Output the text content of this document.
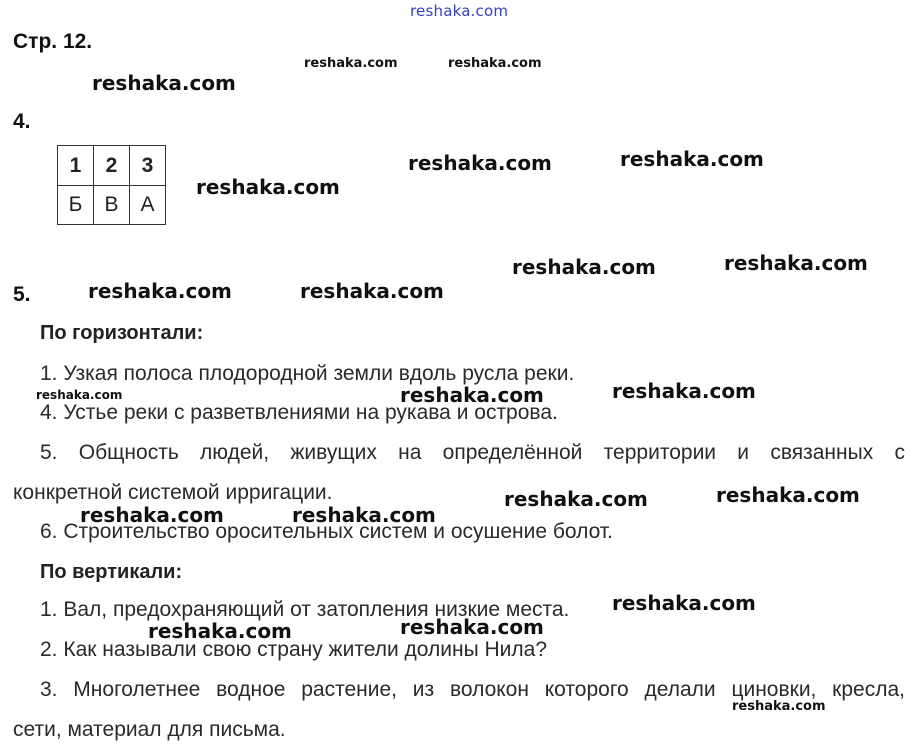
reshaka.com
Стр. 12.
4.
1	2	3
Б	В	А
5.
По горизонтали:
1. Узкая полоса плодородной земли вдоль русла реки.
4. Устье реки с разветвлениями на рукава и острова.
5. Общность людей, живущих на определённой территории и связанных с
конкретной системой ирригации.
6. Строительство оросительных систем и осушение болот.
По вертикали:
1. Вал, предохраняющий от затопления низкие места.
2. Как называли свою страну жители долины Нила?
3. Многолетнее водное растение, из волокон которого делали циновки, кресла,
сети, материал для письма.
reshaka.com	reshaka.com
reshaka.com
reshaka.com	reshaka.com
reshaka.com
reshaka.com	reshaka.com
reshaka.com	reshaka.com
reshaka.com	reshaka.com	reshaka.com
reshaka.com	reshaka.com
reshaka.com	reshaka.com
reshaka.com
reshaka.com	reshaka.com
reshaka.com
